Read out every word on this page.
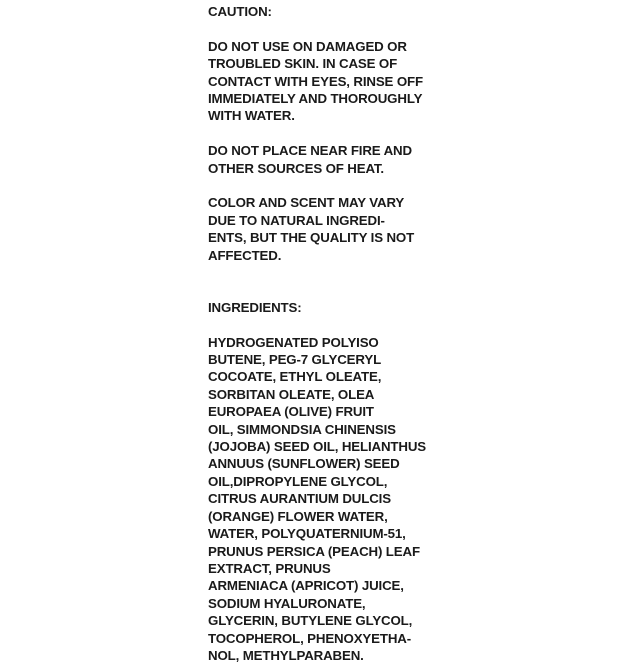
CAUTION:

DO NOT USE ON DAMAGED OR
TROUBLED SKIN. IN CASE OF
CONTACT WITH EYES, RINSE OFF
IMMEDIATELY AND THOROUGHLY
WITH WATER.

DO NOT PLACE NEAR FIRE AND
OTHER SOURCES OF HEAT.

COLOR AND SCENT MAY VARY
DUE TO NATURAL INGREDI-
ENTS, BUT THE QUALITY IS NOT
AFFECTED.

INGREDIENTS:

HYDROGENATED POLYISO
BUTENE, PEG-7 GLYCERYL
COCOATE, ETHYL OLEATE,
SORBITAN OLEATE, OLEA
EUROPAEA (OLIVE) FRUIT
OIL, SIMMONDSIA CHINENSIS
(JOJOBA) SEED OIL, HELIANTHUS
ANNUUS (SUNFLOWER) SEED
OIL,DIPROPYLENE GLYCOL,
CITRUS AURANTIUM DULCIS
(ORANGE) FLOWER WATER,
WATER, POLYQUATERNIUM-51,
PRUNUS PERSICA (PEACH) LEAF
EXTRACT, PRUNUS
ARMENIACA (APRICOT) JUICE,
SODIUM HYALURONATE,
GLYCERIN, BUTYLENE GLYCOL,
TOCOPHEROL, PHENOXYETHA-
NOL, METHYLPARABEN.
